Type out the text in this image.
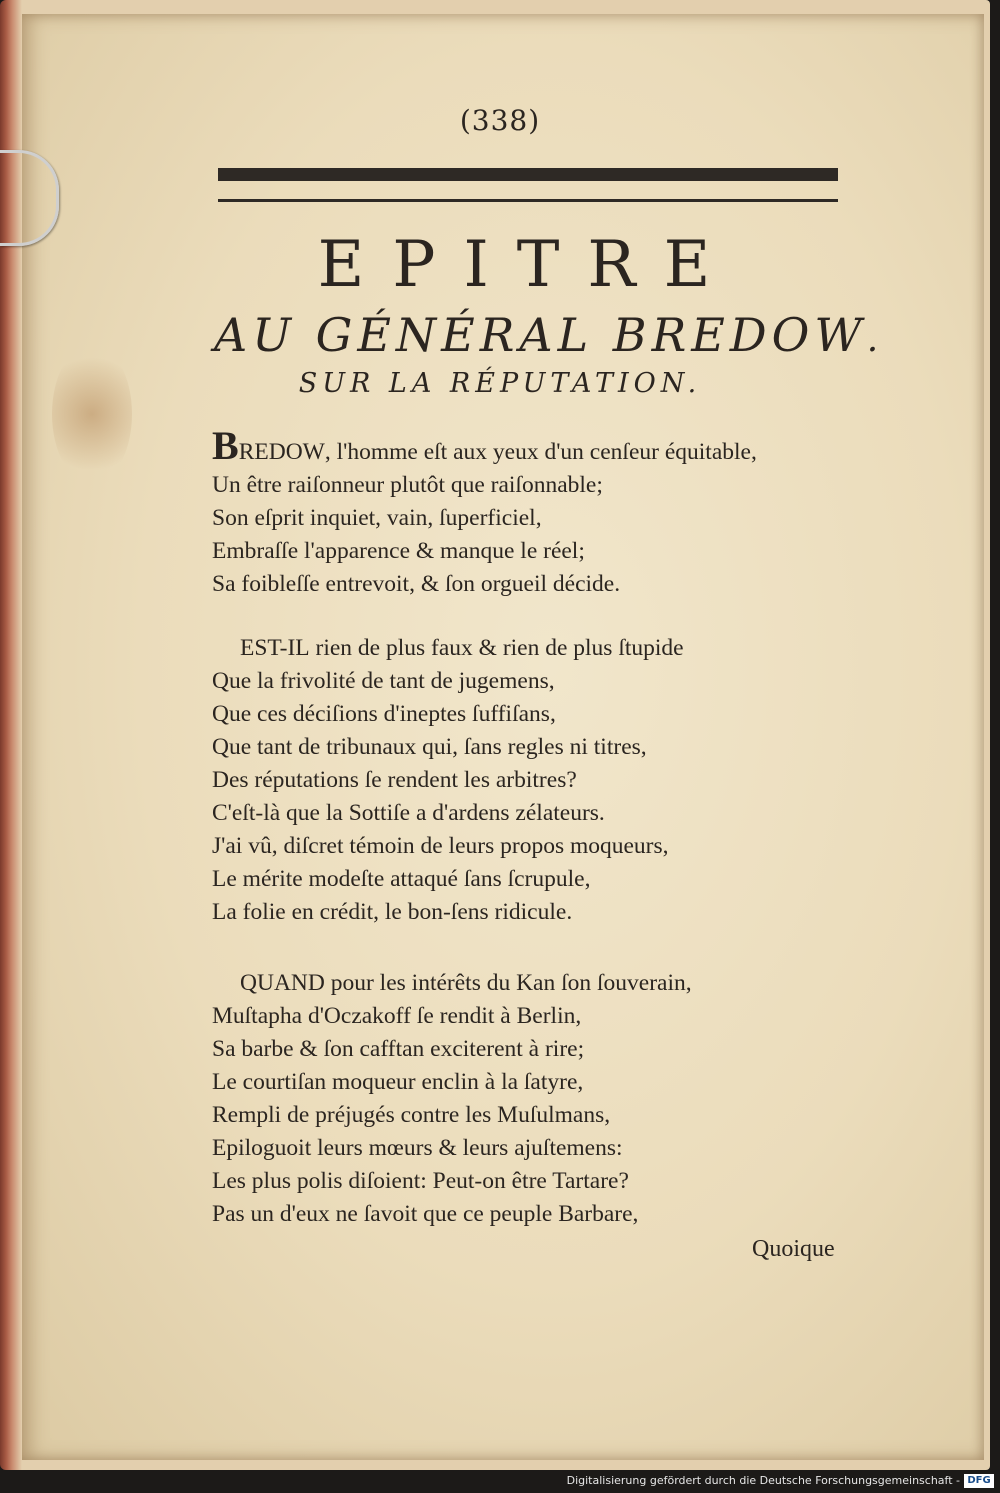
(338)
EPITRE
AU GÉNÉRAL BREDOW.
SUR LA RÉPUTATION.
BREDOW, l'homme eſt aux yeux d'un cenſeur équitable,
Un être raiſonneur plutôt que raiſonnable;
Son eſprit inquiet, vain, ſuperficiel,
Embraſſe l'apparence & manque le réel;
Sa foibleſſe entrevoit, & ſon orgueil décide.
EST-IL rien de plus faux & rien de plus ſtupide
Que la frivolité de tant de jugemens,
Que ces déciſions d'ineptes ſuffiſans,
Que tant de tribunaux qui, ſans regles ni titres,
Des réputations ſe rendent les arbitres?
C'eſt-là que la Sottiſe a d'ardens zélateurs.
J'ai vû, diſcret témoin de leurs propos moqueurs,
Le mérite modeſte attaqué ſans ſcrupule,
La folie en crédit, le bon-ſens ridicule.
QUAND pour les intérêts du Kan ſon ſouverain,
Muſtapha d'Oczakoff ſe rendit à Berlin,
Sa barbe & ſon cafftan exciterent à rire;
Le courtiſan moqueur enclin à la ſatyre,
Rempli de préjugés contre les Muſulmans,
Epiloguoit leurs mœurs & leurs ajuſtemens:
Les plus polis diſoient: Peut-on être Tartare?
Pas un d'eux ne ſavoit que ce peuple Barbare,
Quoique
Digitalisierung gefördert durch die Deutsche Forschungsgemeinschaft - DFG
